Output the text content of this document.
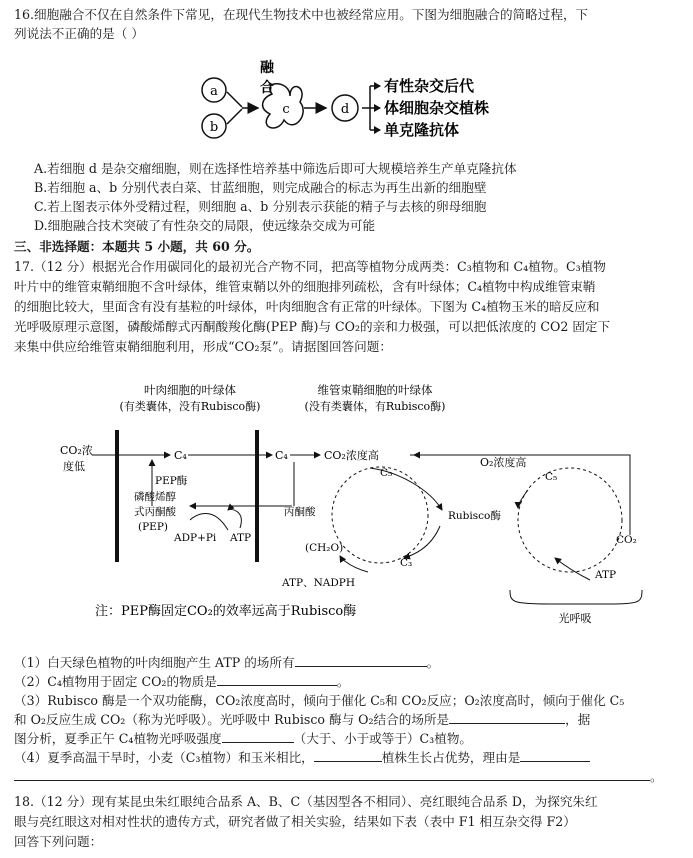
16.细胞融合不仅在自然条件下常见，在现代生物技术中也被经常应用。下图为细胞融合的简略过程，下
列说法不正确的是（ ）
a
b
融
合
c	d
有性杂交后代
体细胞杂交植株
单克隆抗体
A.若细胞 d 是杂交瘤细胞，则在选择性培养基中筛选后即可大规模培养生产单克隆抗体
B.若细胞 a、b 分别代表白菜、甘蓝细胞，则完成融合的标志为再生出新的细胞壁
C.若上图表示体外受精过程，则细胞 a、b 分别表示获能的精子与去核的卵母细胞
D.细胞融合技术突破了有性杂交的局限，使远缘杂交成为可能
三、非选择题：本题共 5 小题，共 60 分。
17.（12 分）根据光合作用碳同化的最初光合产物不同，把高等植物分成两类：C₃植物和 C₄植物。C₃植物
叶片中的维管束鞘细胞不含叶绿体，维管束鞘以外的细胞排列疏松，含有叶绿体；C₄植物中构成维管束鞘
的细胞比较大，里面含有没有基粒的叶绿体，叶肉细胞含有正常的叶绿体。下图为 C₄植物玉米的暗反应和
光呼吸原理示意图，磷酸烯醇式丙酮酸羧化酶(PEP 酶)与 CO₂的亲和力极强，可以把低浓度的 CO2 固定下
来集中供应给维管束鞘细胞利用，形成“CO₂泵”。请据图回答问题：
叶肉细胞的叶绿体
(有类囊体，没有Rubisco酶)
维管束鞘细胞的叶绿体
(没有类囊体，有Rubisco酶)
CO₂浓
度低
C₄	C₄
PEP酶
磷酸烯醇
式丙酮酸
(PEP)
ADP+Pi ATP
丙酮酸
CO₂浓度高
C₅
Rubisco酶
(CH₂O)
C₃
ATP、NADPH
O₂浓度高
C₅
CO₂
ATP
光呼吸
注：PEP酶固定CO₂的效率远高于Rubisco酶
（1）白天绿色植物的叶肉细胞产生 ATP 的场所有	。
（2）C₄植物用于固定 CO₂的物质是	。
（3）Rubisco 酶是一个双功能酶，CO₂浓度高时，倾向于催化 C₅和 CO₂反应；O₂浓度高时，倾向于催化 C₅
和 O₂反应生成 CO₂（称为光呼吸）。光呼吸中 Rubisco 酶与 O₂结合的场所是	，据
图分析，夏季正午 C₄植物光呼吸强度	（大于、小于或等于）C₃植物。
（4）夏季高温干旱时，小麦（C₃植物）和玉米相比，	植株生长占优势，理由是
。
18.（12 分）现有某昆虫朱红眼纯合品系 A、B、C（基因型各不相同）、亮红眼纯合品系 D，为探究朱红
眼与亮红眼这对相对性状的遗传方式，研究者做了相关实验，结果如下表（表中 F1 相互杂交得 F2）
回答下列问题：
